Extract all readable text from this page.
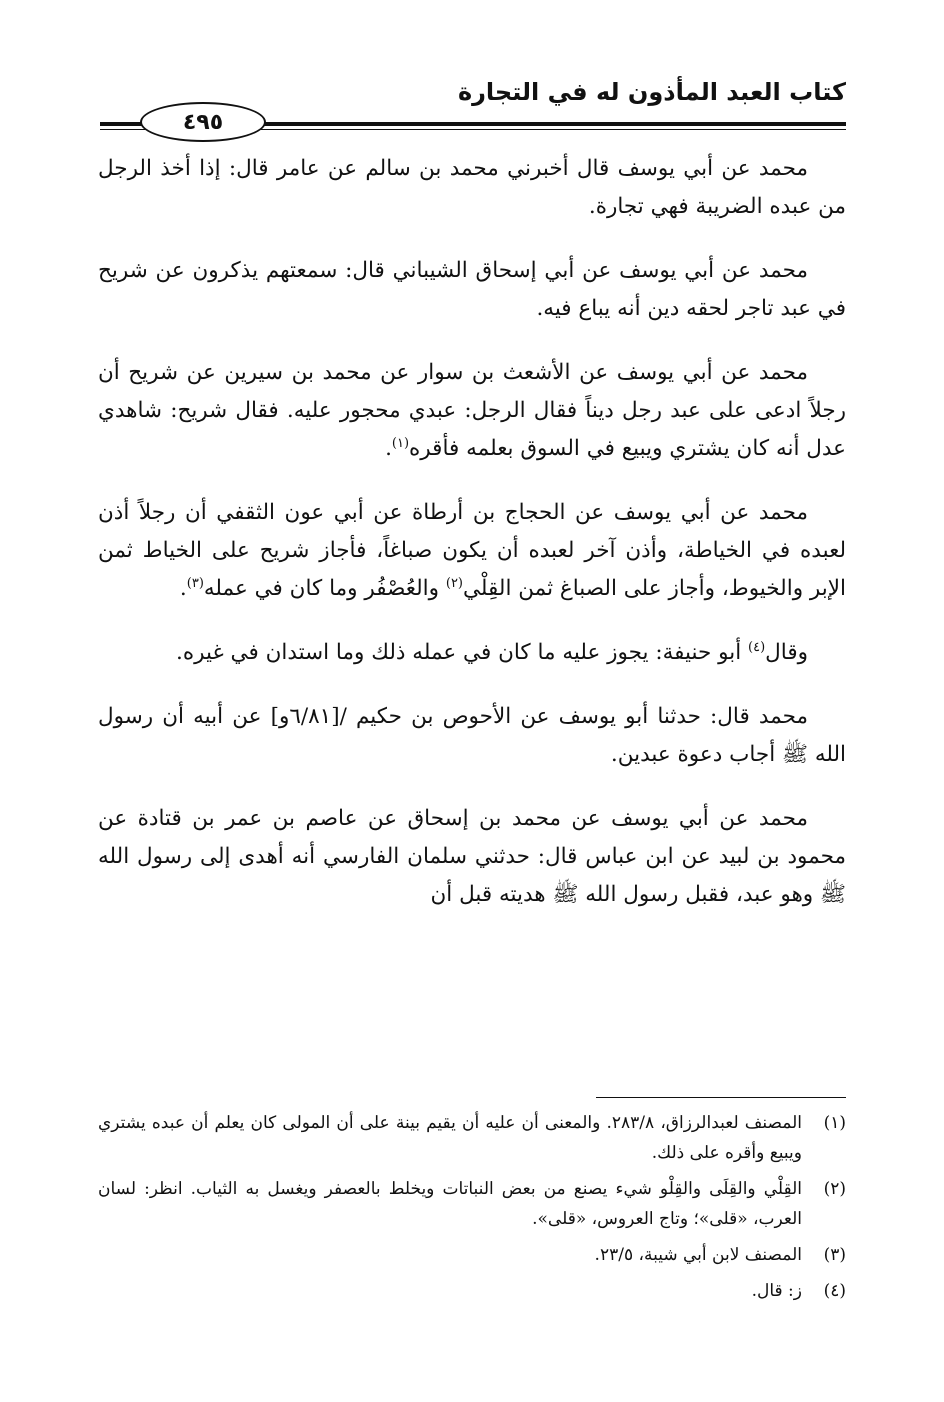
كتاب العبد المأذون له في التجارة
٤٩٥

محمد عن أبي يوسف قال أخبرني محمد بن سالم عن عامر قال: إذا أخذ الرجل من عبده الضريبة فهي تجارة.

محمد عن أبي يوسف عن أبي إسحاق الشيباني قال: سمعتهم يذكرون عن شريح في عبد تاجر لحقه دين أنه يباع فيه.

محمد عن أبي يوسف عن الأشعث بن سوار عن محمد بن سيرين عن شريح أن رجلاً ادعى على عبد رجل ديناً فقال الرجل: عبدي محجور عليه. فقال شريح: شاهدي عدل أنه كان يشتري ويبيع في السوق بعلمه فأقره$^{(١)}$.

محمد عن أبي يوسف عن الحجاج بن أرطاة عن أبي عون الثقفي أن رجلاً أذن لعبده في الخياطة، وأذن آخر لعبده أن يكون صباغاً، فأجاز شريح على الخياط ثمن الإبر والخيوط، وأجاز على الصباغ ثمن القِلْي$^{(٢)}$ والعُصْفُر وما كان في عمله$^{(٣)}$.

وقال$^{(٤)}$ أبو حنيفة: يجوز عليه ما كان في عمله ذلك وما استدان في غيره.

محمد قال: حدثنا أبو يوسف عن الأحوص بن حكيم /[٦/٨١و] عن أبيه أن رسول الله ﷺ أجاب دعوة عبدين.

محمد عن أبي يوسف عن محمد بن إسحاق عن عاصم بن عمر بن قتادة عن محمود بن لبيد عن ابن عباس قال: حدثني سلمان الفارسي أنه أهدى إلى رسول الله ﷺ وهو عبد، فقبل رسول الله ﷺ هديته قبل أن

(١)
المصنف لعبدالرزاق، ٢٨٣/٨. والمعنى أن عليه أن يقيم بينة على أن المولى كان يعلم أن عبده يشتري ويبيع وأقره على ذلك.
(٢)
القِلْي والقِلَى والقِلْو شيء يصنع من بعض النباتات ويخلط بالعصفر ويغسل به الثياب. انظر: لسان العرب، «قلى»؛ وتاج العروس، «قلى».
(٣)
المصنف لابن أبي شيبة، ٢٣/٥.
(٤)
ز: قال.
